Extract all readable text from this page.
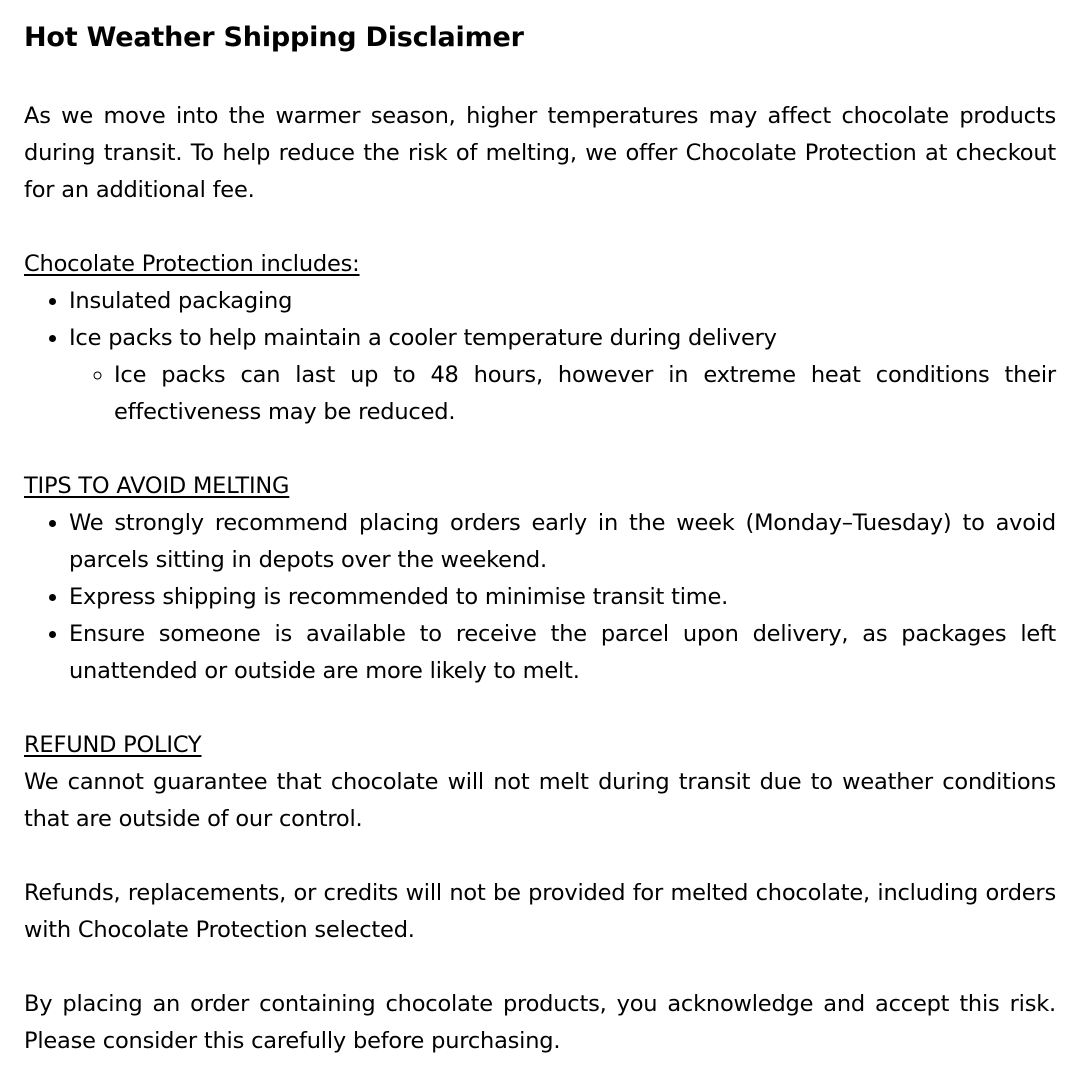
Hot Weather Shipping Disclaimer

As we move into the warmer season, higher temperatures may affect chocolate products during transit. To help reduce the risk of melting, we offer Chocolate Protection at checkout for an additional fee.

Chocolate Protection includes:

• Insulated packaging
• Ice packs to help maintain a cooler temperature during delivery
◦ Ice packs can last up to 48 hours, however in extreme heat conditions their effectiveness may be reduced.

TIPS TO AVOID MELTING

• We strongly recommend placing orders early in the week (Monday–Tuesday) to avoid parcels sitting in depots over the weekend.
• Express shipping is recommended to minimise transit time.
• Ensure someone is available to receive the parcel upon delivery, as packages left unattended or outside are more likely to melt.

REFUND POLICY

We cannot guarantee that chocolate will not melt during transit due to weather conditions that are outside of our control.

Refunds, replacements, or credits will not be provided for melted chocolate, including orders with Chocolate Protection selected.

By placing an order containing chocolate products, you acknowledge and accept this risk. Please consider this carefully before purchasing.
